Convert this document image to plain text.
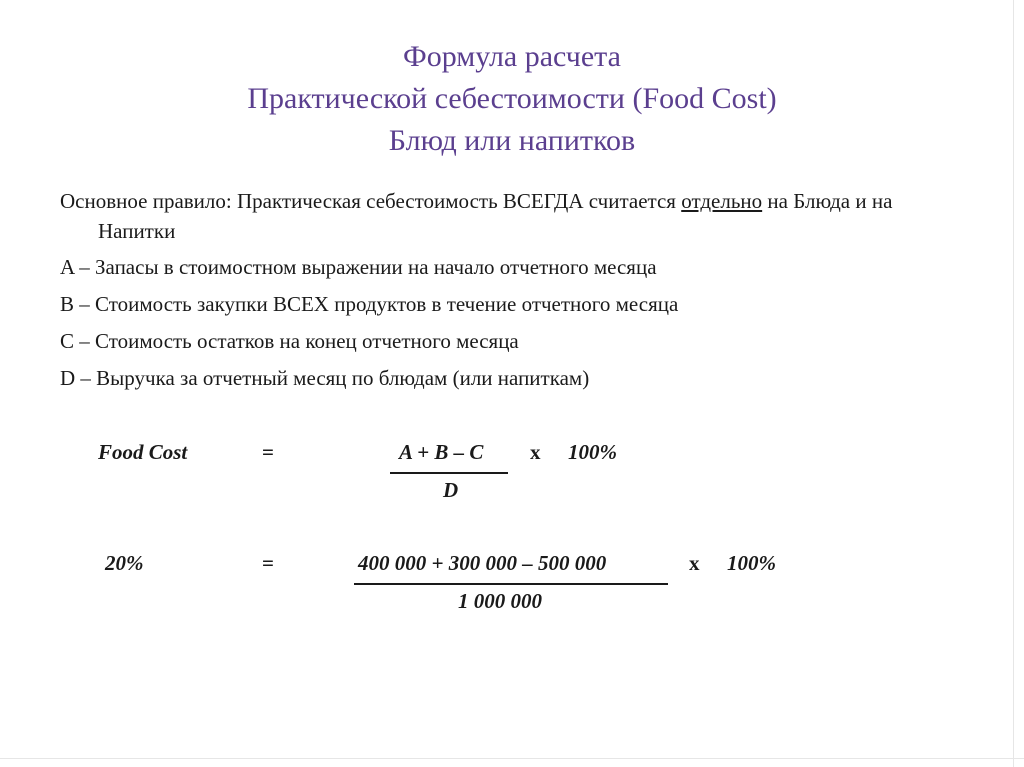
Формула расчета
Практической себестоимости (Food Cost)
Блюд или напитков

Основное правило: Практическая себестоимость ВСЕГДА считается отдельно на Блюда и на Напитки

A – Запасы в стоимостном выражении на начало отчетного месяца

B – Стоимость закупки ВСЕХ продуктов в течение отчетного месяца

C – Стоимость остатков на конец отчетного месяца

D – Выручка за отчетный месяц по блюдам (или напиткам)

Food Cost	=	A + B – C x 100%
D
20%	=	400 000 + 300 000 – 500 000	x 100%
1 000 000
